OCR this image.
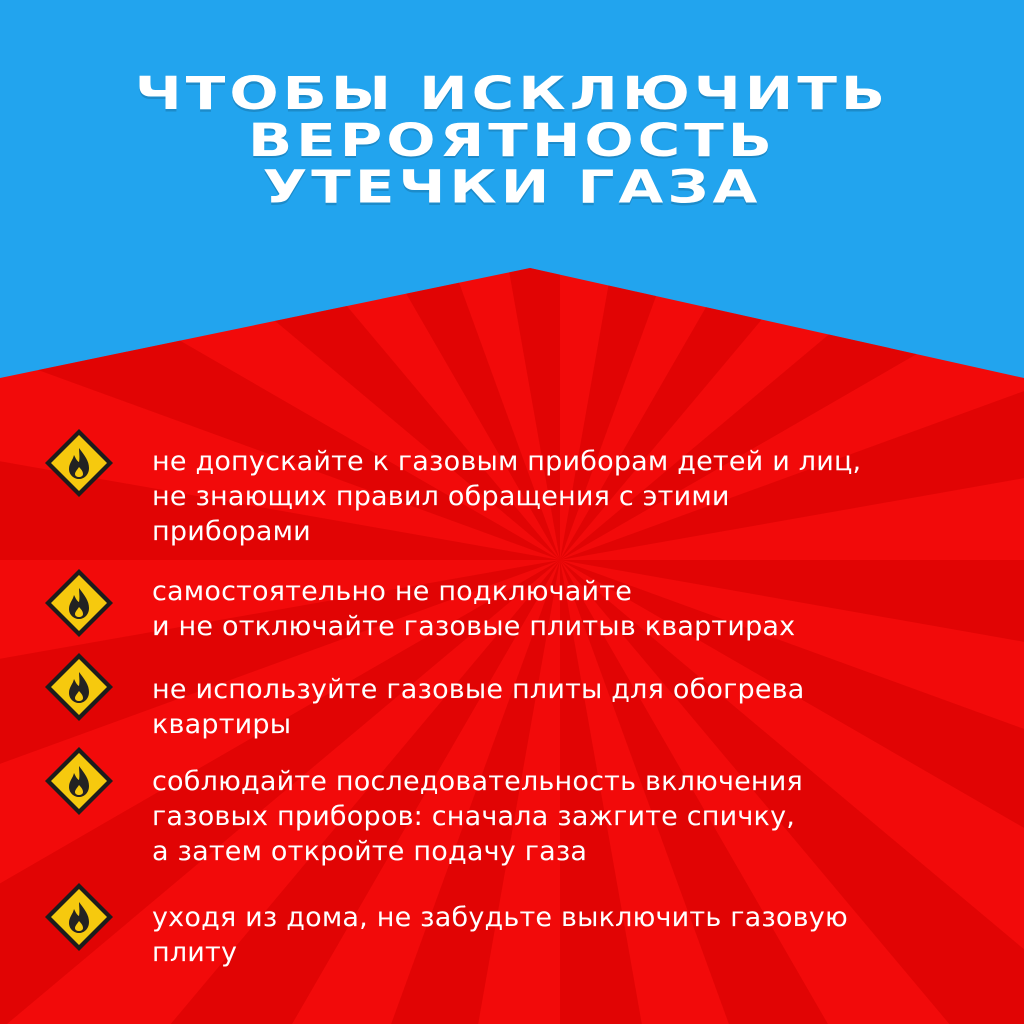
ЧТОБЫ ИСКЛЮЧИТЬ
ВЕРОЯТНОСТЬ
УТЕЧКИ ГАЗА
не допускайте к газовым приборам детей и лиц,
не знающих правил обращения с этими
приборами
самостоятельно не подключайте
и не отключайте газовые плитыв квартирах
не используйте газовые плиты для обогрева
квартиры
соблюдайте последовательность включения
газовых приборов: сначала зажгите спичку,
а затем откройте подачу газа
уходя из дома, не забудьте выключить газовую
плиту
